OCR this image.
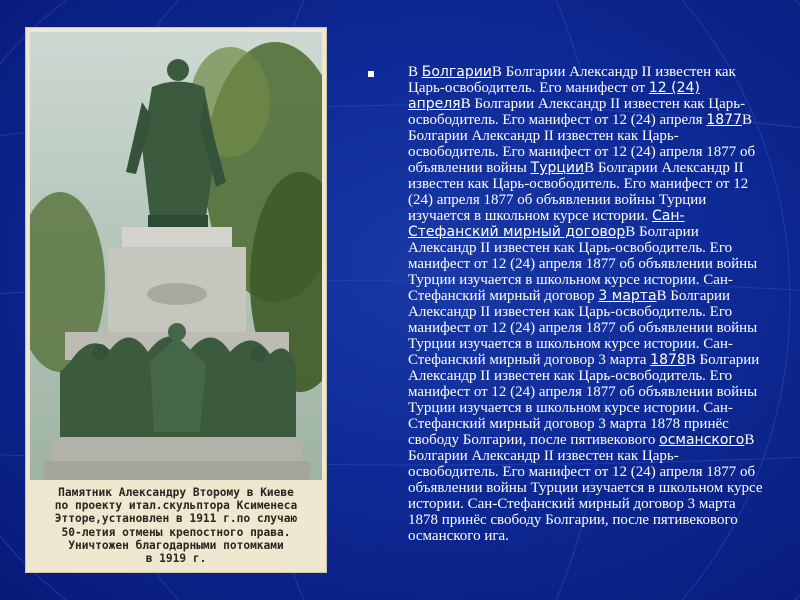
Памятник Александру Второму в Киеве
по проекту итал.скульптора Ксименеса
Этторе,установлен в 1911 г.по случаю
50-летия отмены крепостного права.
Уничтожен благодарными потомками
в 1919 г.
В БолгарииВ Болгарии Александр II известен как Царь-освободитель. Его манифест от 12 (24) апреляВ Болгарии Александр II известен как Царь-освободитель. Его манифест от 12 (24) апреля 1877В Болгарии Александр II известен как Царь-освободитель. Его манифест от 12 (24) апреля 1877 об объявлении войны ТурцииВ Болгарии Александр II известен как Царь-освободитель. Его манифест от 12 (24) апреля 1877 об объявлении войны Турции изучается в школьном курсе истории. Сан-Стефанский мирный договорВ Болгарии Александр II известен как Царь-освободитель. Его манифест от 12 (24) апреля 1877 об объявлении войны Турции изучается в школьном курсе истории. Сан-Стефанский мирный договор 3 мартаВ Болгарии Александр II известен как Царь-освободитель. Его манифест от 12 (24) апреля 1877 об объявлении войны Турции изучается в школьном курсе истории. Сан-Стефанский мирный договор 3 марта 1878В Болгарии Александр II известен как Царь-освободитель. Его манифест от 12 (24) апреля 1877 об объявлении войны Турции изучается в школьном курсе истории. Сан-Стефанский мирный договор 3 марта 1878 принёс свободу Болгарии, после пятивекового османскогоВ Болгарии Александр II известен как Царь-освободитель. Его манифест от 12 (24) апреля 1877 об объявлении войны Турции изучается в школьном курсе истории. Сан-Стефанский мирный договор 3 марта 1878 принёс свободу Болгарии, после пятивекового османского ига.
